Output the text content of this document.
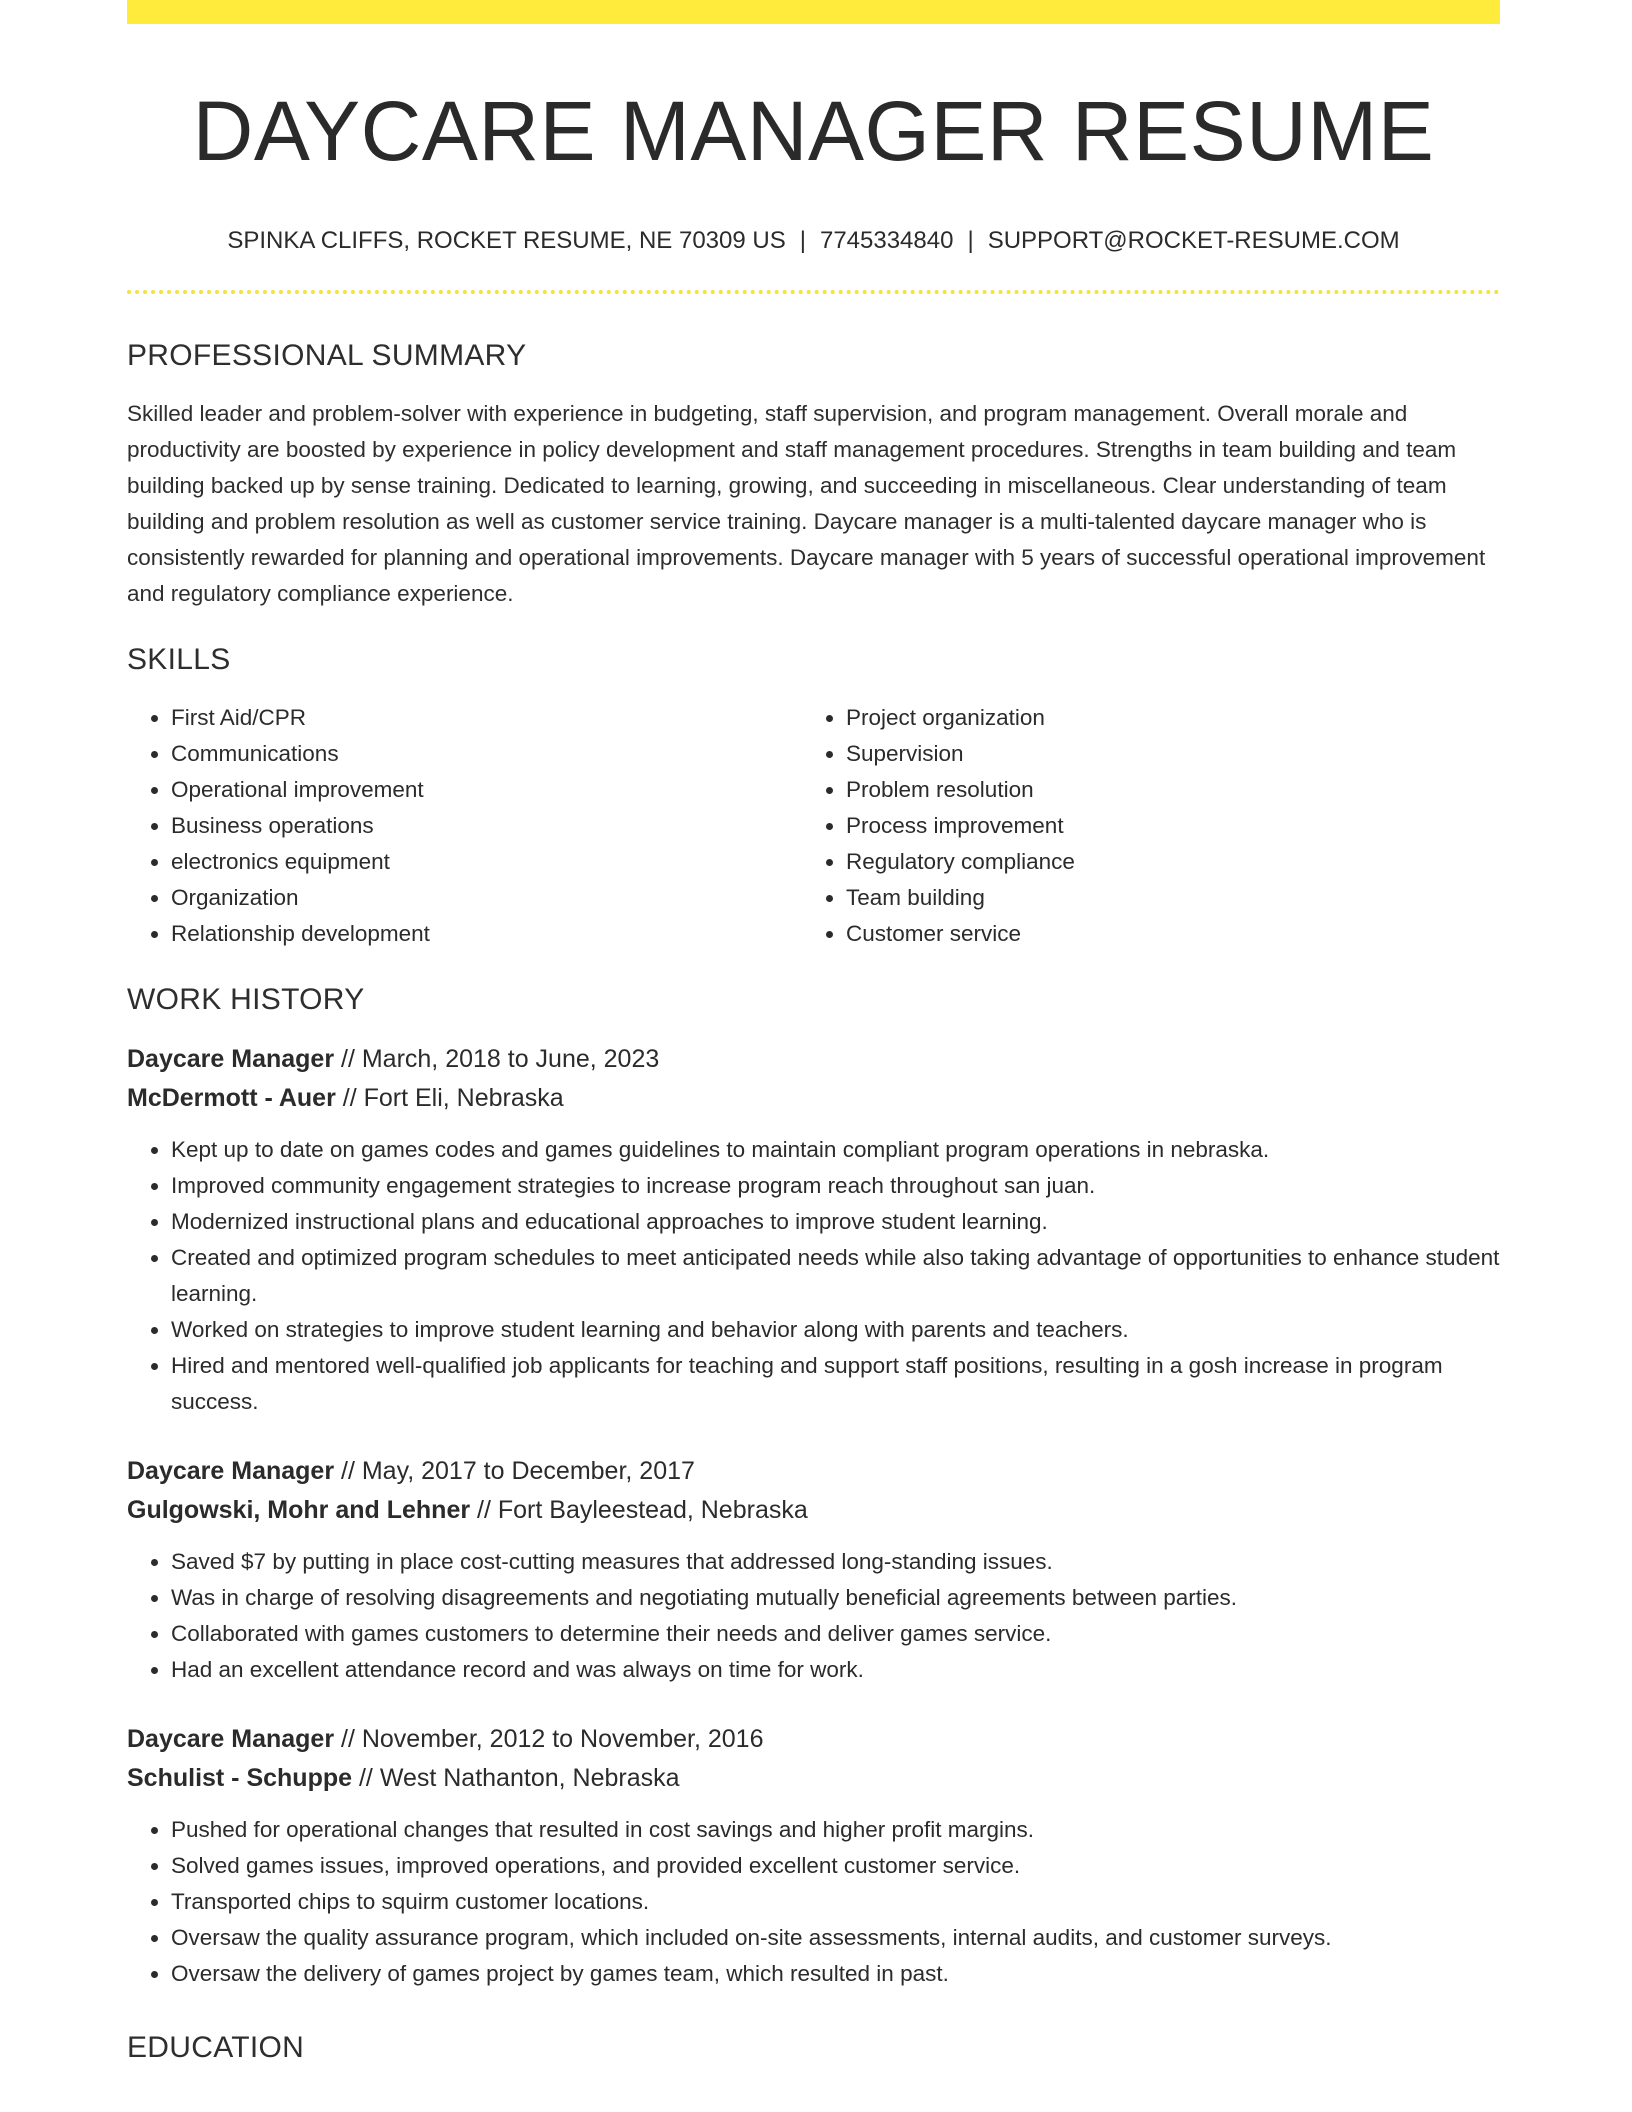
DAYCARE MANAGER RESUME
SPINKA CLIFFS, ROCKET RESUME, NE 70309 US | 7745334840 | SUPPORT@ROCKET-RESUME.COM
PROFESSIONAL SUMMARY
Skilled leader and problem-solver with experience in budgeting, staff supervision, and program management. Overall morale and productivity are boosted by experience in policy development and staff management procedures. Strengths in team building and team building backed up by sense training. Dedicated to learning, growing, and succeeding in miscellaneous. Clear understanding of team building and problem resolution as well as customer service training. Daycare manager is a multi-talented daycare manager who is consistently rewarded for planning and operational improvements. Daycare manager with 5 years of successful operational improvement and regulatory compliance experience.
SKILLS
• First Aid/CPR
• Communications
• Operational improvement
• Business operations
• electronics equipment
• Organization
• Relationship development
• Project organization
• Supervision
• Problem resolution
• Process improvement
• Regulatory compliance
• Team building
• Customer service
WORK HISTORY
Daycare Manager // March, 2018 to June, 2023
McDermott - Auer // Fort Eli, Nebraska
• Kept up to date on games codes and games guidelines to maintain compliant program operations in nebraska.
• Improved community engagement strategies to increase program reach throughout san juan.
• Modernized instructional plans and educational approaches to improve student learning.
• Created and optimized program schedules to meet anticipated needs while also taking advantage of opportunities to enhance student learning.
• Worked on strategies to improve student learning and behavior along with parents and teachers.
• Hired and mentored well-qualified job applicants for teaching and support staff positions, resulting in a gosh increase in program success.
Daycare Manager // May, 2017 to December, 2017
Gulgowski, Mohr and Lehner // Fort Bayleestead, Nebraska
• Saved $7 by putting in place cost-cutting measures that addressed long-standing issues.
• Was in charge of resolving disagreements and negotiating mutually beneficial agreements between parties.
• Collaborated with games customers to determine their needs and deliver games service.
• Had an excellent attendance record and was always on time for work.
Daycare Manager // November, 2012 to November, 2016
Schulist - Schuppe // West Nathanton, Nebraska
• Pushed for operational changes that resulted in cost savings and higher profit margins.
• Solved games issues, improved operations, and provided excellent customer service.
• Transported chips to squirm customer locations.
• Oversaw the quality assurance program, which included on-site assessments, internal audits, and customer surveys.
• Oversaw the delivery of games project by games team, which resulted in past.
EDUCATION
